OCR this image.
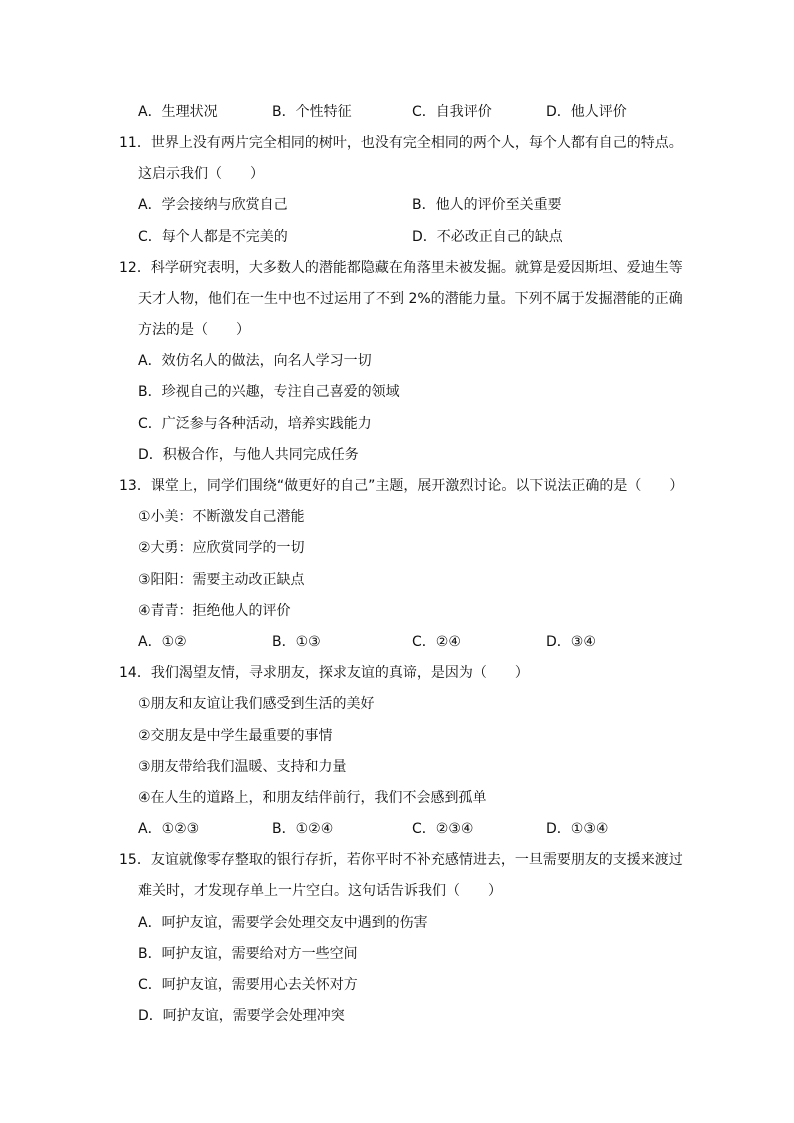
A．生理状况	B．个性特征	C．自我评价	D．他人评价
11．世界上没有两片完全相同的树叶，也没有完全相同的两个人，每个人都有自己的特点。
这启示我们（　　）
A．学会接纳与欣赏自己	B．他人的评价至关重要
C．每个人都是不完美的	D．不必改正自己的缺点
12．科学研究表明，大多数人的潜能都隐藏在角落里未被发掘。就算是爱因斯坦、爱迪生等
天才人物，他们在一生中也不过运用了不到 2%的潜能力量。下列不属于发掘潜能的正确
方法的是（　　）
A．效仿名人的做法，向名人学习一切
B．珍视自己的兴趣，专注自己喜爱的领域
C．广泛参与各种活动，培养实践能力
D．积极合作，与他人共同完成任务
13．课堂上，同学们围绕“做更好的自己”主题，展开激烈讨论。以下说法正确的是（　　）
①小美：不断激发自己潜能
②大勇：应欣赏同学的一切
③阳阳：需要主动改正缺点
④青青：拒绝他人的评价
A．①②	B．①③	C．②④	D．③④
14．我们渴望友情，寻求朋友，探求友谊的真谛，是因为（　　）
①朋友和友谊让我们感受到生活的美好
②交朋友是中学生最重要的事情
③朋友带给我们温暖、支持和力量
④在人生的道路上，和朋友结伴前行，我们不会感到孤单
A．①②③	B．①②④	C．②③④	D．①③④
15．友谊就像零存整取的银行存折，若你平时不补充感情进去，一旦需要朋友的支援来渡过
难关时，才发现存单上一片空白。这句话告诉我们（　　）
A．呵护友谊，需要学会处理交友中遇到的伤害
B．呵护友谊，需要给对方一些空间
C．呵护友谊，需要用心去关怀对方
D．呵护友谊，需要学会处理冲突
